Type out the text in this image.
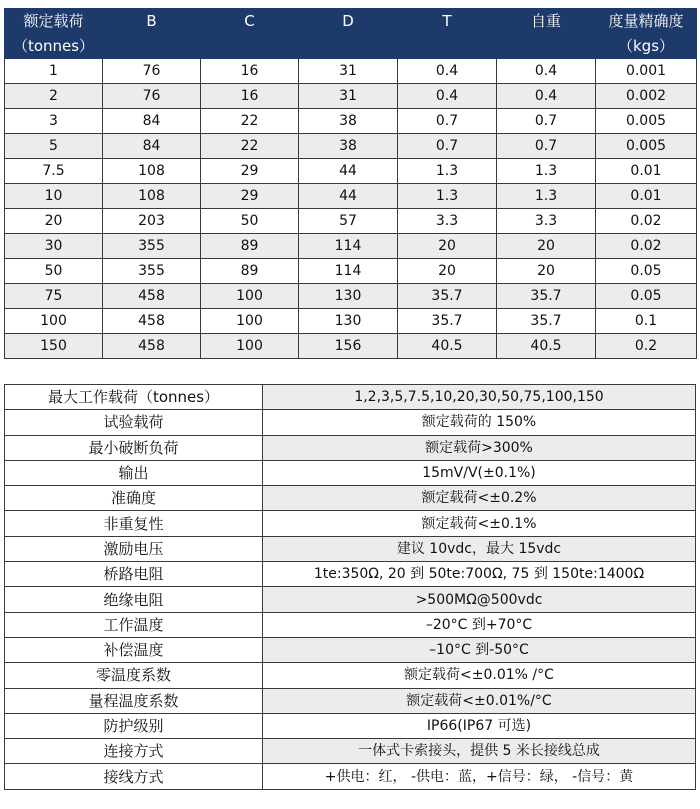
额定载荷	B	C	D	T	自重	度量精确度
（tonnes）						（kgs）
1	76	16	31	0.4	0.4	0.001
2	76	16	31	0.4	0.4	0.002
3	84	22	38	0.7	0.7	0.005
5	84	22	38	0.7	0.7	0.005
7.5	108	29	44	1.3	1.3	0.01
10	108	29	44	1.3	1.3	0.01
20	203	50	57	3.3	3.3	0.02
30	355	89	114	20	20	0.02
50	355	89	114	20	20	0.05
75	458	100	130	35.7	35.7	0.05
100	458	100	130	35.7	35.7	0.1
150	458	100	156	40.5	40.5	0.2
最大工作载荷（tonnes）	1,2,3,5,7.5,10,20,30,50,75,100,150
试验载荷	额定载荷的 150%
最小破断负荷	额定载荷>300%
输出	15mV/V(±0.1%)
准确度	额定载荷<±0.2%
非重复性	额定载荷<±0.1%
激励电压	建议 10vdc，最大 15vdc
桥路电阻	1te:350Ω, 20 到 50te:700Ω, 75 到 150te:1400Ω
绝缘电阻	>500MΩ@500vdc
工作温度	–20°C 到+70°C
补偿温度	–10°C 到-50°C
零温度系数	额定载荷<±0.01% /°C
量程温度系数	额定载荷<±0.01%/°C
防护级别	IP66(IP67 可选)
连接方式	一体式卡索接头，提供 5 米长接线总成
接线方式	+供电：红， -供电：蓝，+信号：绿， -信号：黄
